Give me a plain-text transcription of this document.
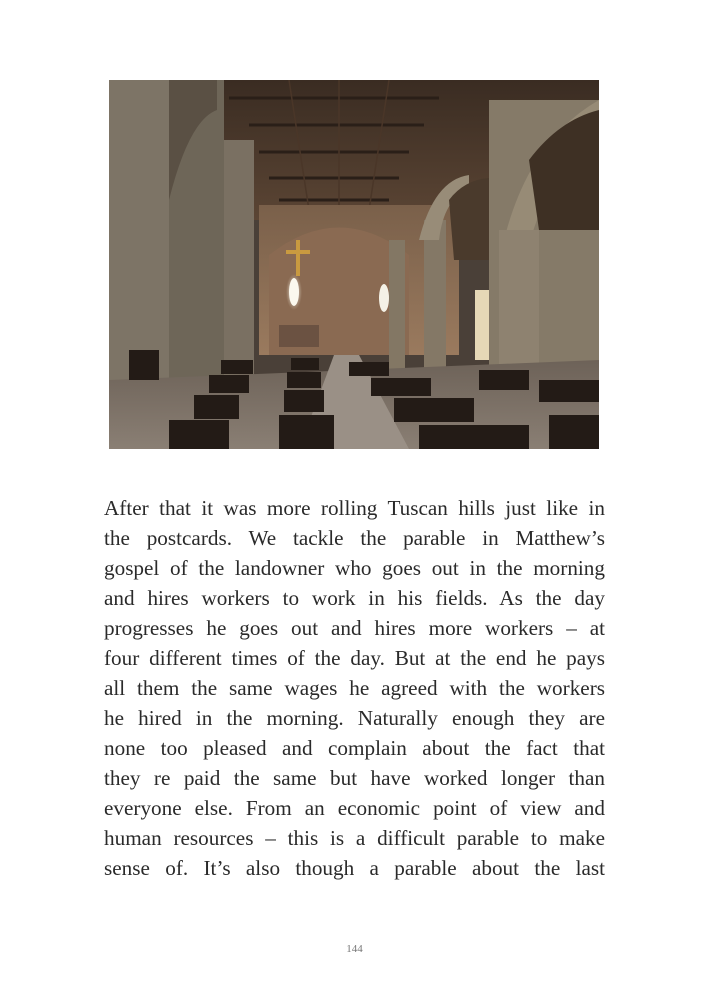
After that it was more rolling Tuscan hills just like in
the postcards. We tackle the parable in Matthew’s
gospel of the landowner who goes out in the morning
and hires workers to work in his fields. As the day
progresses he goes out and hires more workers – at
four different times of the day. But at the end he pays
all them the same wages he agreed with the workers
he hired in the morning. Naturally enough they are
none too pleased and complain about the fact that
they re paid the same but have worked longer than
everyone else. From an economic point of view and
human resources – this is a difficult parable to make
sense of. It’s also though a parable about the last
144
